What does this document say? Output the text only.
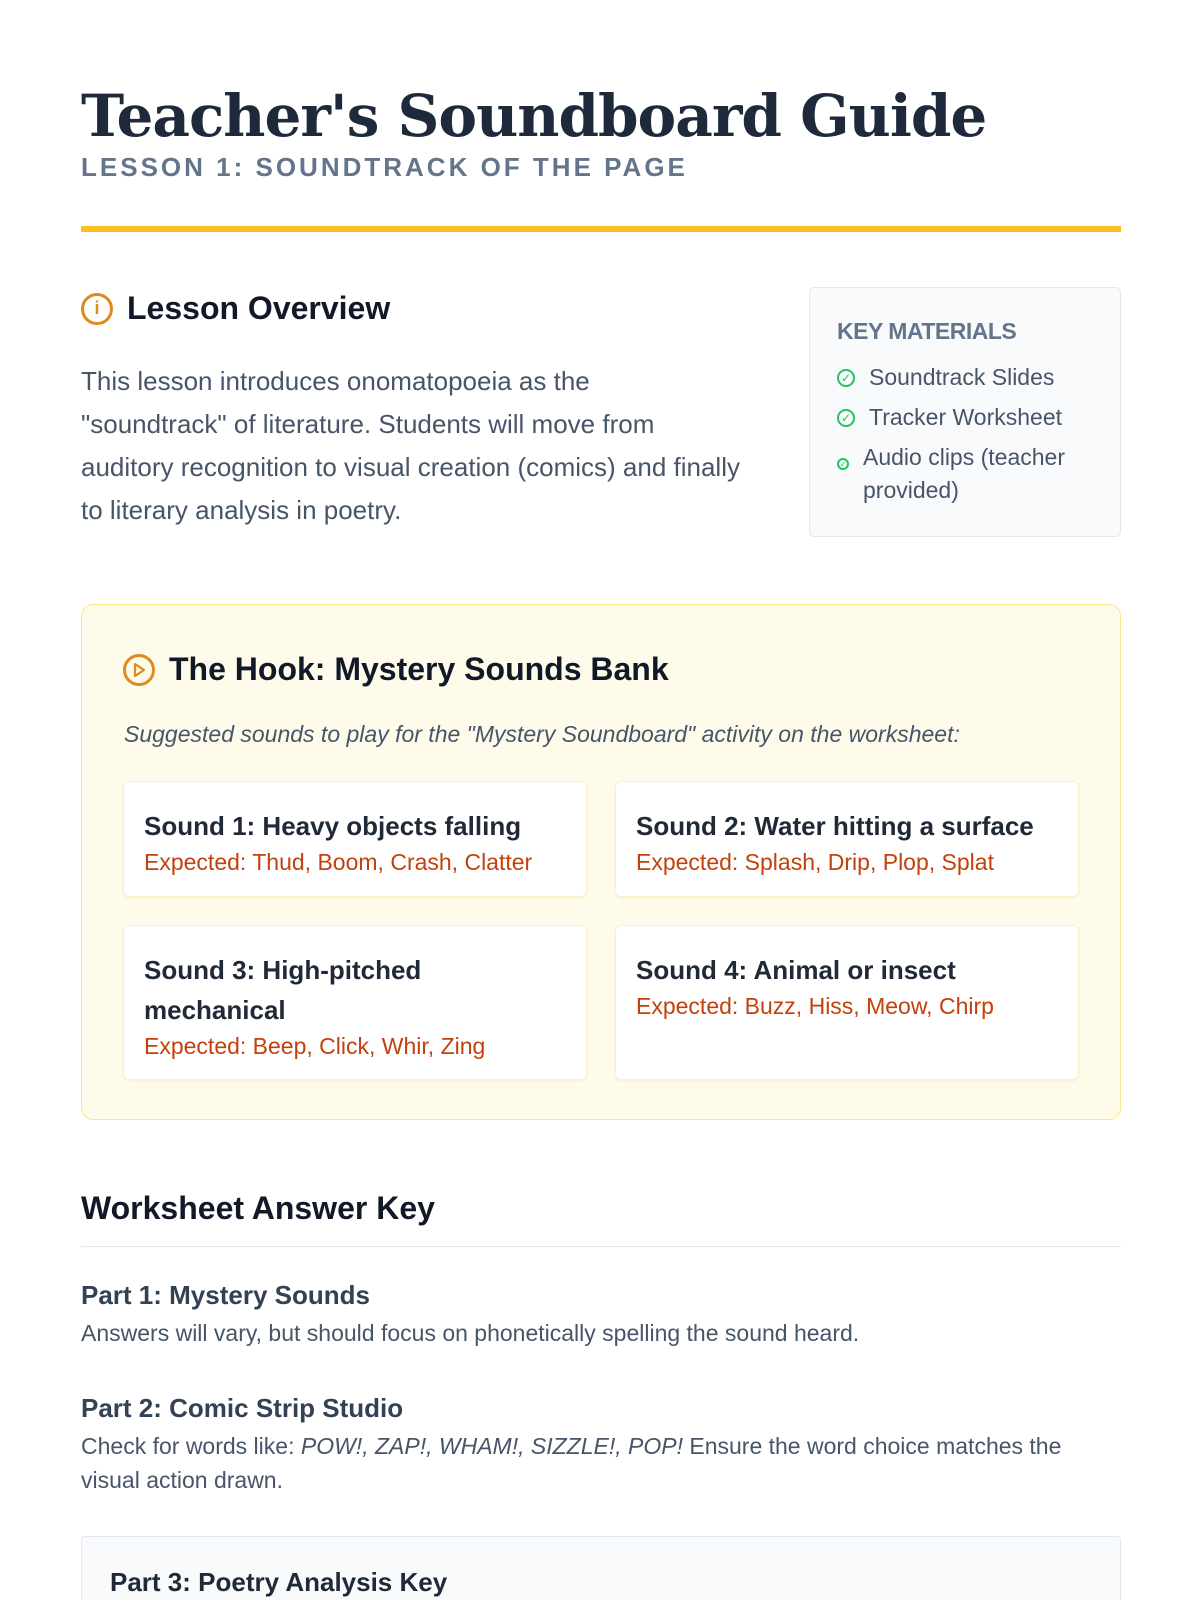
Teacher's Soundboard Guide
LESSON 1: SOUNDTRACK OF THE PAGE
i Lesson Overview

This lesson introduces onomatopoeia as the "soundtrack" of literature. Students will move from auditory recognition to visual creation (comics) and finally to literary analysis in poetry.

KEY MATERIALS
✓ Soundtrack Slides
✓ Tracker Worksheet
✓ Audio clips (teacher provided)
The Hook: Mystery Sounds Bank
Suggested sounds to play for the "Mystery Soundboard" activity on the worksheet:
Sound 1: Heavy objects falling
Expected: Thud, Boom, Crash, Clatter
Sound 2: Water hitting a surface
Expected: Splash, Drip, Plop, Splat
Sound 3: High-pitched mechanical
Expected: Beep, Click, Whir, Zing
Sound 4: Animal or insect
Expected: Buzz, Hiss, Meow, Chirp
Worksheet Answer Key
Part 1: Mystery Sounds
Answers will vary, but should focus on phonetically spelling the sound heard.
Part 2: Comic Strip Studio
Check for words like: POW!, ZAP!, WHAM!, SIZZLE!, POP! Ensure the word choice matches the visual action drawn.
Part 3: Poetry Analysis Key
